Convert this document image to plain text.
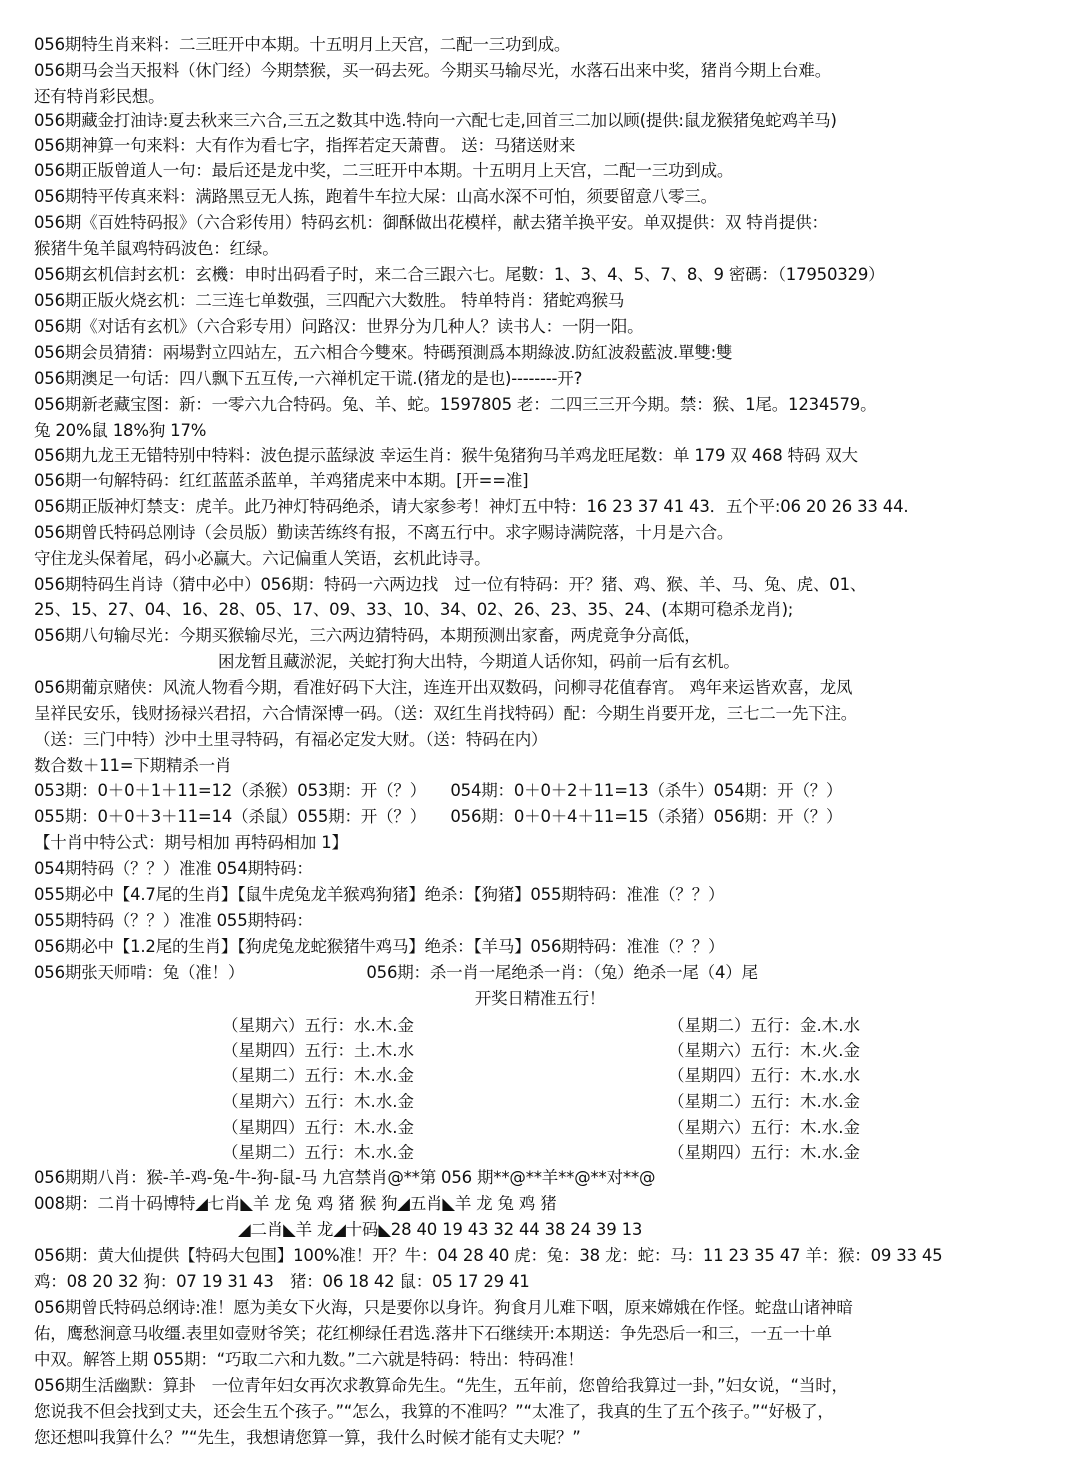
056期特生肖来料：二三旺开中本期。十五明月上天宫，二配一三功到成。
056期马会当天报料（休门经）今期禁猴，买一码去死。今期买马输尽光，水落石出来中奖，猪肖今期上台难。
还有特肖彩民想。
056期藏金打油诗:夏去秋来三六合,三五之数其中选.特向一六配七走,回首三二加以顾(提供:鼠龙猴猪兔蛇鸡羊马)
056期神算一句来料：大有作为看七字，指挥若定天萧曹。 送：马猪送财来
056期正版曾道人一句：最后还是龙中奖，二三旺开中本期。十五明月上天宫，二配一三功到成。
056期特平传真来料：满路黑豆无人拣，跑着牛车拉大屎：山高水深不可怕，须要留意八零三。
056期《百姓特码报》（六合彩传用）特码玄机：御酥做出花模样，献去猪羊换平安。单双提供：双 特肖提供：
猴猪牛兔羊鼠鸡特码波色：红绿。
056期玄机信封玄机：玄機：申时出码看子时，来二合三跟六七。尾數：1、3、4、5、7、8、9 密碼：（17950329）
056期正版火烧玄机：二三连七单数强，三四配六大数胜。 特单特肖：猪蛇鸡猴马
056期《对话有玄机》（六合彩专用）问路汉：世界分为几种人？读书人：一阴一阳。
056期会员猜猜：兩場對立四站左，五六相合今雙來。特碼預測爲本期綠波.防紅波殺藍波.單雙:雙
056期澳足一句话：四八飘下五互传,一六禅机定干谎.(猪龙的是也)--------开?
056期新老藏宝图：新：一零六九合特码。兔、羊、蛇。1597805 老：二四三三开今期。禁：猴、1尾。1234579。
兔 20%鼠 18%狗 17%
056期九龙王无错特别中特料：波色提示蓝绿波 幸运生肖：猴牛兔猪狗马羊鸡龙旺尾数：单 179 双 468 特码 双大
056期一句解特码：红红蓝蓝杀蓝单，羊鸡猪虎来中本期。[开==准]
056期正版神灯禁支：虎羊。此乃神灯特码绝杀，请大家参考！神灯五中特：16 23 37 41 43．五个平:06 20 26 33 44.
056期曾氏特码总刚诗（会员版）勤读苦练终有报，不离五行中。求字赐诗满院落，十月是六合。
守住龙头保着尾，码小必赢大。六记偏重人笑语，玄机此诗寻。
056期特码生肖诗（猜中必中）056期：特码一六两边找　过一位有特码：开？猪、鸡、猴、羊、马、兔、虎、01、
25、15、27、04、16、28、05、17、09、33、10、34、02、26、23、35、24、(本期可稳杀龙肖);
056期八句输尽光：今期买猴输尽光，三六两边猜特码，本期预测出家畜，两虎竟争分高低，
困龙暂且藏淤泥，关蛇打狗大出特，今期道人话你知，码前一后有玄机。
056期葡京赌侠：风流人物看今期，看准好码下大注，连连开出双数码，问柳寻花值春宵。 鸡年来运皆欢喜，龙凤
呈祥民安乐，钱财扬禄兴君招，六合情深博一码。（送：双红生肖找特码）配：今期生肖要开龙，三七二一先下注。
（送：三门中特）沙中土里寻特码，有福必定发大财。（送：特码在内）
数合数＋11=下期精杀一肖
053期：0＋0＋1＋11=12（杀猴）053期：开（？）　　054期：0＋0＋2＋11=13（杀牛）054期：开（？）
055期：0＋0＋3＋11=14（杀鼠）055期：开（？）　　056期：0＋0＋4＋11=15（杀猪）056期：开（？）
【十肖中特公式：期号相加 再特码相加 1】
054期特码（？？）准准 054期特码：
055期必中【4.7尾的生肖】【鼠牛虎兔龙羊猴鸡狗猪】绝杀：【狗猪】055期特码：准准（？？）
055期特码（？？）准准 055期特码：
056期必中【1.2尾的生肖】【狗虎兔龙蛇猴猪牛鸡马】绝杀：【羊马】056期特码：准准（？？）
056期张天师啃：兔（准！）　　　　　　　　056期：杀一肖一尾绝杀一肖：（兔）绝杀一尾（4）尾
开奖日精准五行！
（星期六）五行：水.木.金	（星期二）五行：金.木.水
（星期四）五行：土.木.水	（星期六）五行：木.火.金
（星期二）五行：木.水.金	（星期四）五行：木.水.水
（星期六）五行：木.水.金	（星期二）五行：木.水.金
（星期四）五行：木.水.金	（星期六）五行：木.水.金
（星期二）五行：木.水.金	（星期四）五行：木.水.金
056期期八肖：猴-羊-鸡-兔-牛-狗-鼠-马 九宫禁肖@**第 056 期**@**羊**@**对**@
008期：二肖十码博特◢七肖◣羊 龙 兔 鸡 猪 猴 狗◢五肖◣羊 龙 兔 鸡 猪
◢二肖◣羊 龙◢十码◣28 40 19 43 32 44 38 24 39 13
056期：黄大仙提供【特码大包围】100%准！开？牛：04 28 40 虎：兔：38 龙：蛇：马：11 23 35 47 羊：猴：09 33 45
鸡：08 20 32 狗：07 19 31 43　猪：06 18 42 鼠：05 17 29 41
056期曾氏特码总纲诗:准！愿为美女下火海，只是要你以身许。狗食月儿难下咽，原来嫦娥在作怪。蛇盘山诸神暗
佑，鹰愁涧意马收缰.表里如壹财爷笑；花红柳绿任君选.落井下石继续开:本期送：争先恐后一和三，一五一十单
中双。解答上期 055期：“巧取二六和九数。”二六就是特码：特出：特码准！
056期生活幽默：算卦　一位青年妇女再次求教算命先生。“先生，五年前，您曾给我算过一卦，”妇女说，“当时，
您说我不但会找到丈夫，还会生五个孩子。”“怎么，我算的不准吗？”“太准了，我真的生了五个孩子。”“好极了，
您还想叫我算什么？”“先生，我想请您算一算，我什么时候才能有丈夫呢？”
